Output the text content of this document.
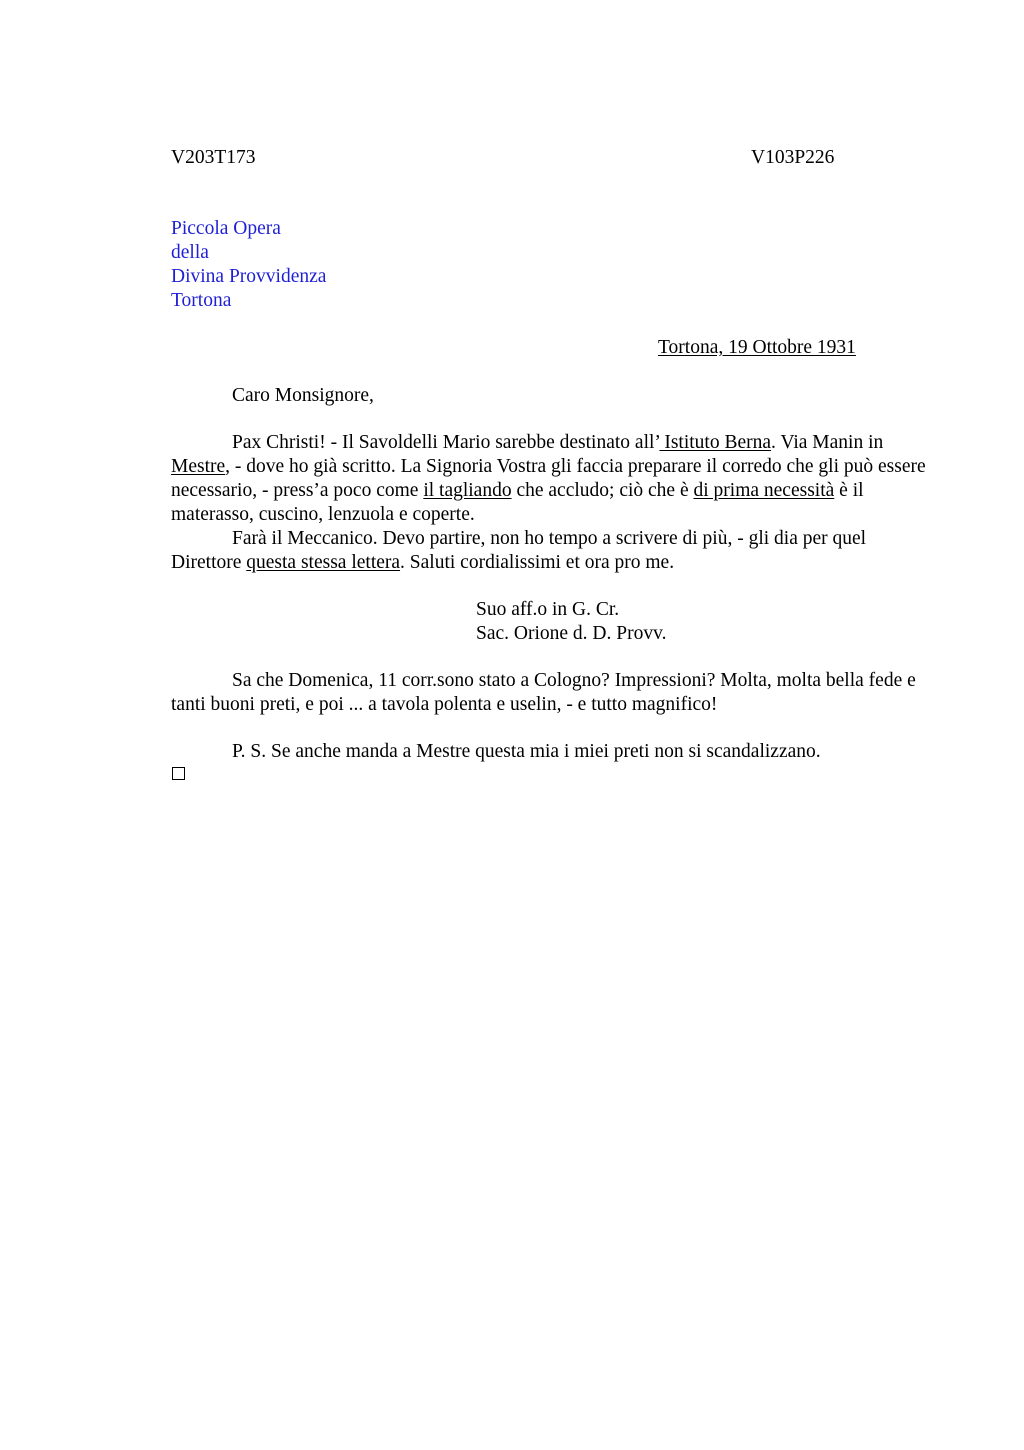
V203T173	V103P226
Piccola Opera
della
Divina Provvidenza
Tortona
Tortona, 19 Ottobre 1931
Caro Monsignore,

Pax Christi! - Il Savoldelli Mario sarebbe destinato all’ Istituto Berna. Via Manin in Mestre, - dove ho già scritto. La Signoria Vostra gli faccia preparare il corredo che gli può essere necessario, - press’a poco come il tagliando che accludo; ciò che è di prima necessità è il materasso, cuscino, lenzuola e coperte.

Farà il Meccanico. Devo partire, non ho tempo a scrivere di più, - gli dia per quel Direttore questa stessa lettera. Saluti cordialissimi et ora pro me.

Suo aff.o in G. Cr.
Sac. Orione d. D. Provv.

Sa che Domenica, 11 corr.sono stato a Cologno? Impressioni? Molta, molta bella fede e tanti buoni preti, e poi ... a tavola polenta e uselin, - e tutto magnifico!

P. S. Se anche manda a Mestre questa mia i miei preti non si scandalizzano.
